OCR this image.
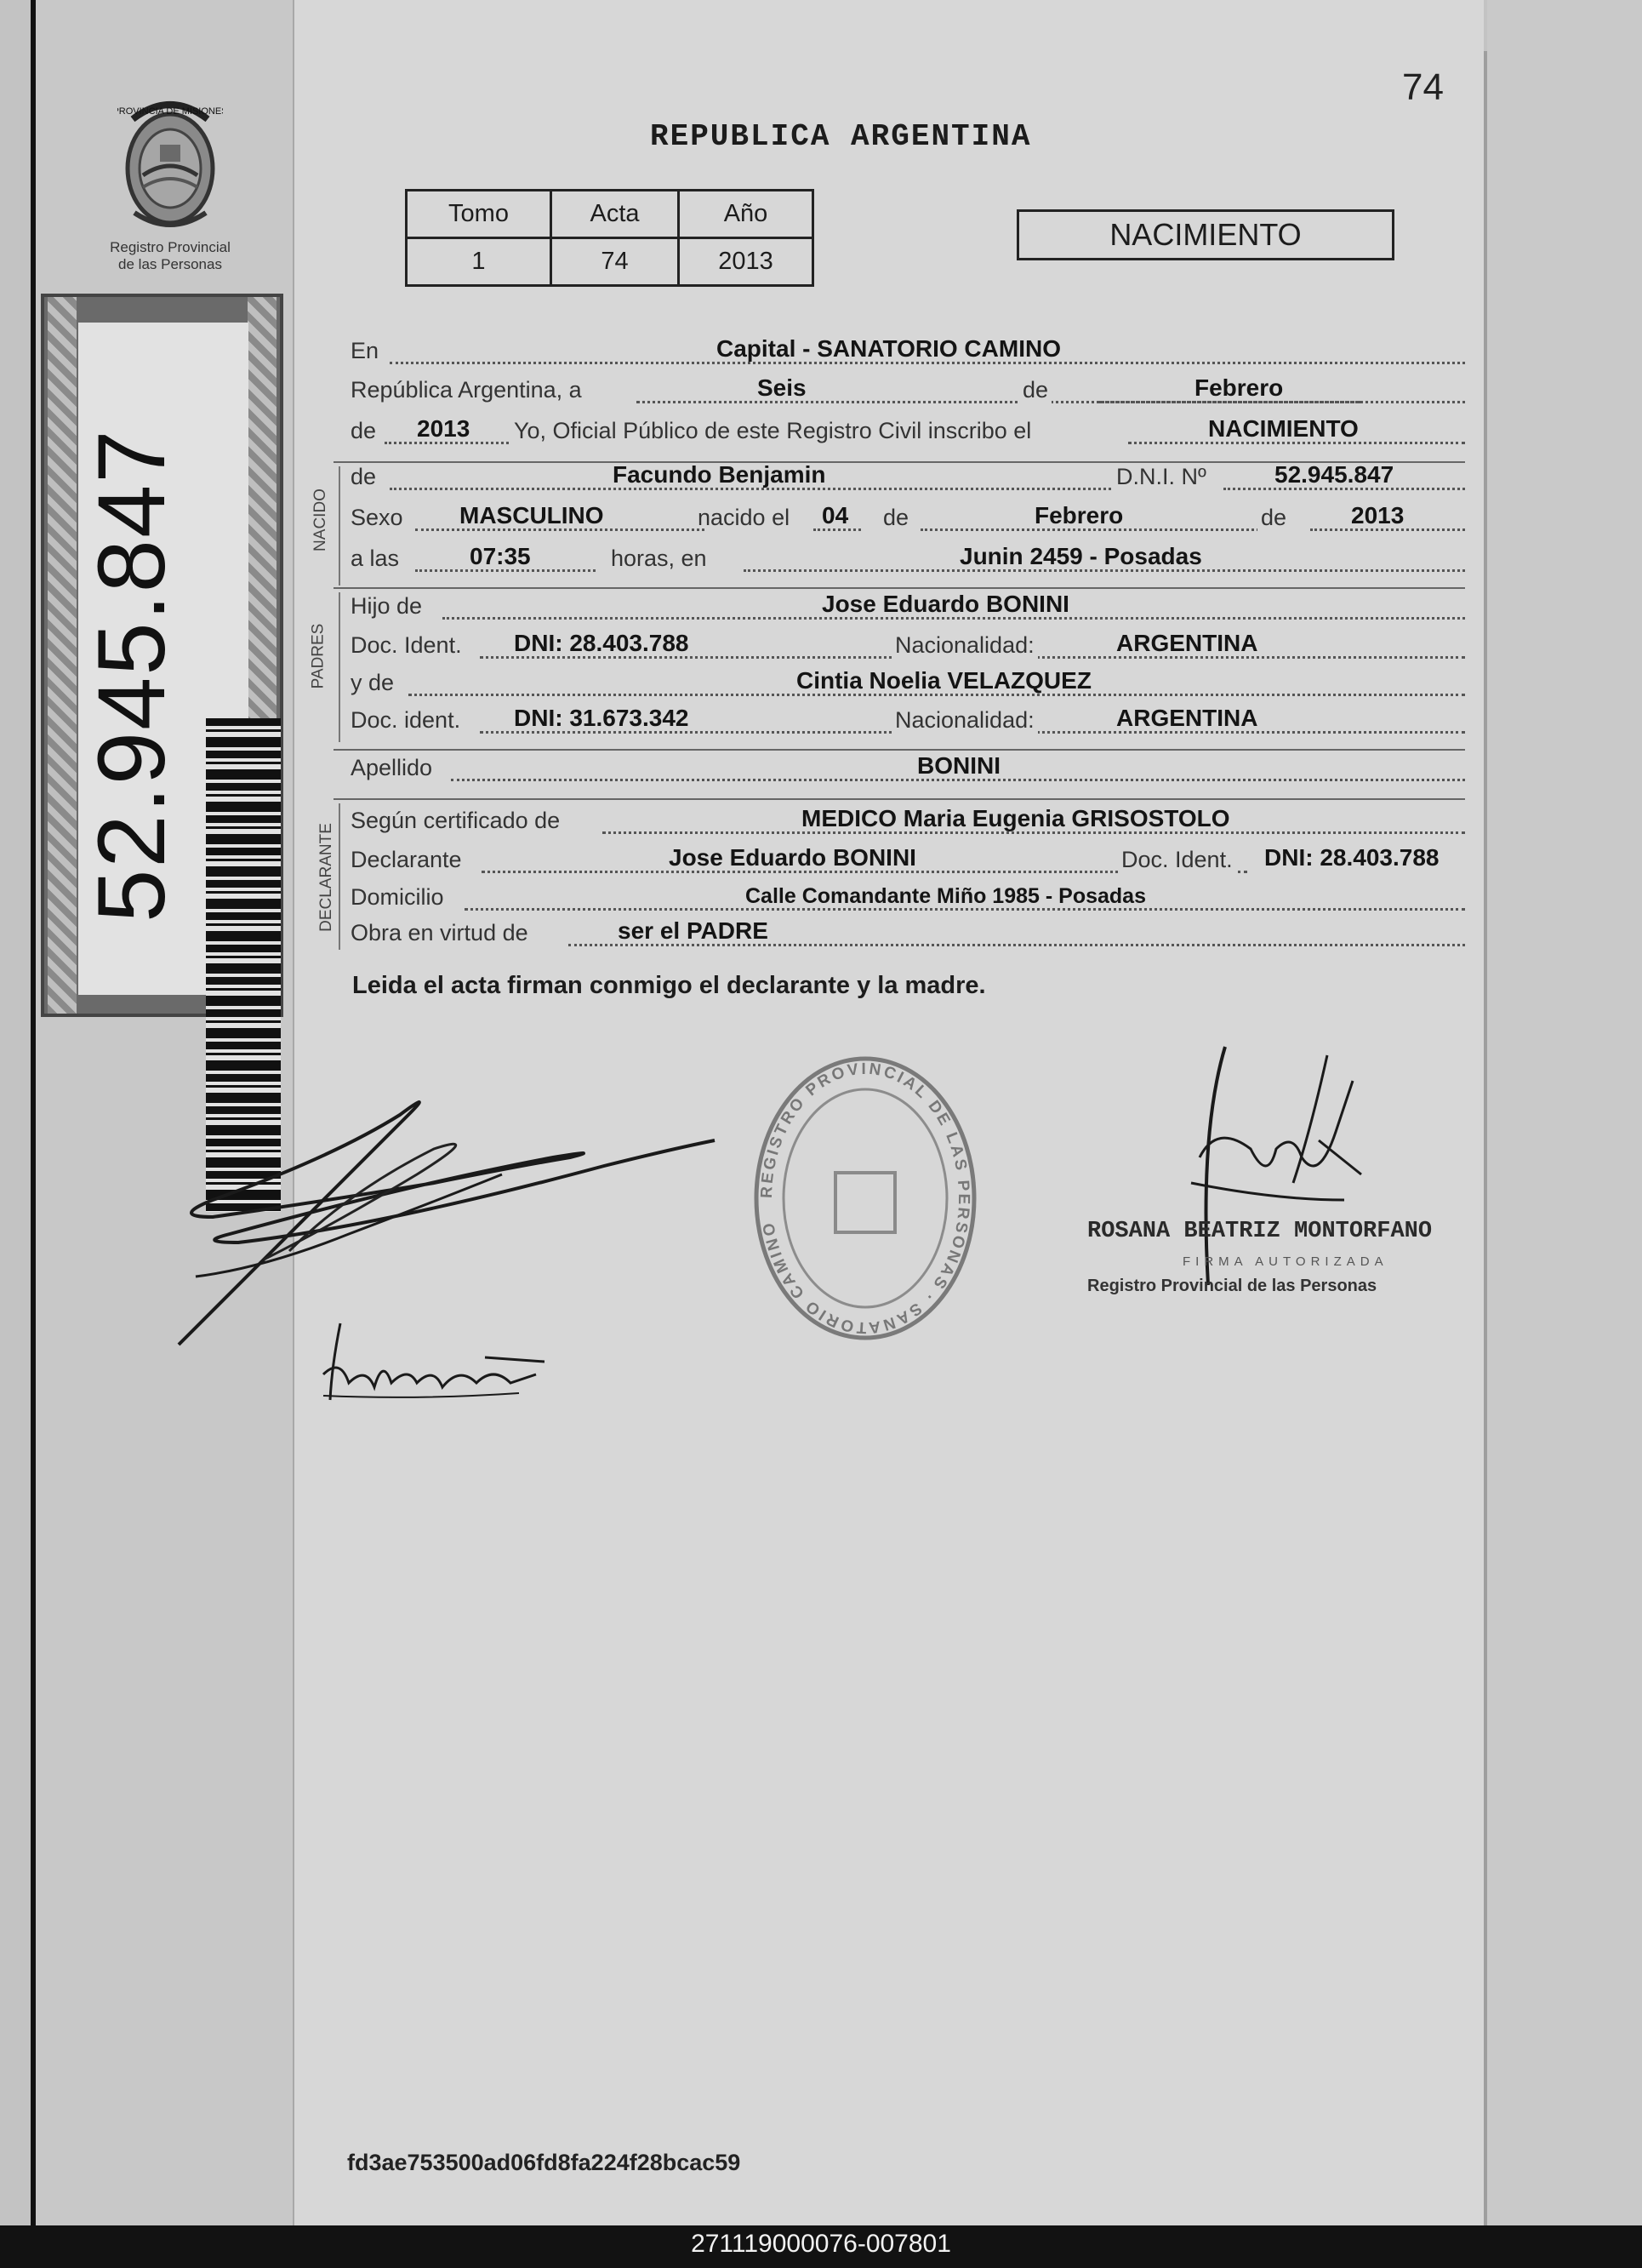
PROVINCIA DE MISIONES
Registro Provincial
de las Personas
52.945.847
74
REPUBLICA ARGENTINA
Tomo	Acta	Año
1	74	2013
NACIMIENTO
En	Capital - SANATORIO CAMINO
República Argentina, a	Seis	de	Febrero
de 2013 Yo, Oficial Público de este Registro Civil inscribo el	NACIMIENTO
NACIDO
de	Facundo Benjamin	D.N.I. Nº	52.945.847
Sexo MASCULINO	nacido el 04 de	Febrero	de	2013
a las	07:35	horas, en	Junin 2459 - Posadas
PADRES
Hijo de	Jose Eduardo BONINI
Doc. Ident. DNI: 28.403.788	Nacionalidad:	ARGENTINA
y de	Cintia Noelia VELAZQUEZ
Doc. ident. DNI: 31.673.342	Nacionalidad:	ARGENTINA
Apellido	BONINI
DECLARANTE
Según certificado de	MEDICO Maria Eugenia GRISOSTOLO
Declarante	Jose Eduardo BONINI	Doc. Ident. DNI: 28.403.788
Domicilio	Calle Comandante Miño 1985 - Posadas
Obra en virtud de	ser el PADRE
Leida el acta firman conmigo el declarante y la madre.
REGISTRO PROVINCIAL DE LAS PERSONAS · SANATORIO CAMINO	ROSANA BEATRIZ MONTORFANO
FIRMA AUTORIZADA
Registro Provincial de las Personas
fd3ae753500ad06fd8fa224f28bcac59
271119000076-007801
